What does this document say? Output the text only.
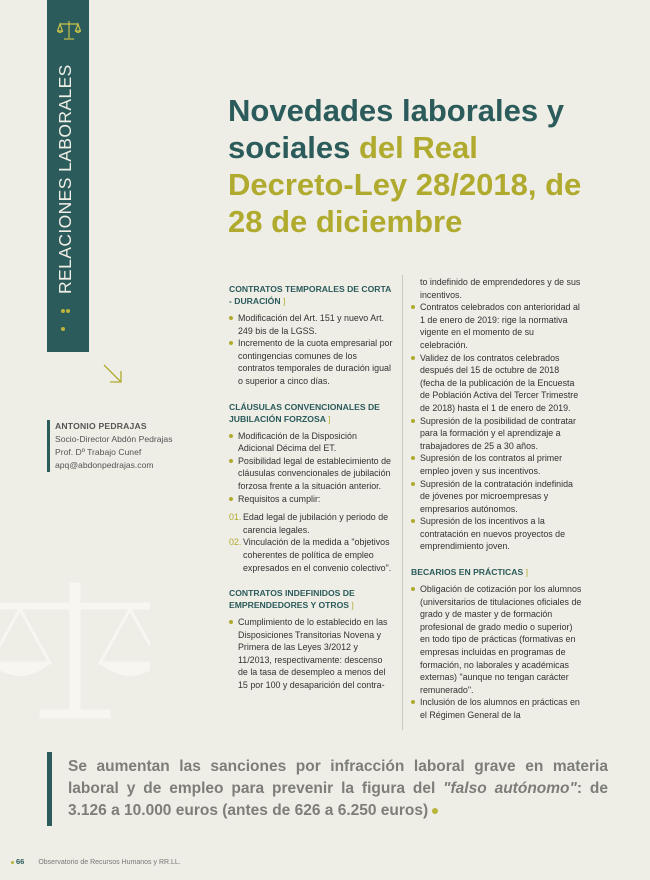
RELACIONES LABORALES
ANTONIO PEDRAJAS
Socio-Director Abdón Pedrajas
Prof. Dº Trabajo Cunef
apq@abdonpedrajas.com
Novedades laborales y sociales del Real Decreto-Ley 28/2018, de 28 de diciembre
CONTRATOS TEMPORALES DE CORTA - DURACIÓN ]
Modificación del Art. 151 y nuevo Art. 249 bis de la LGSS.
Incremento de la cuota empresarial por contingencias comunes de los contratos temporales de duración igual o superior a cinco días.
CLÁUSULAS CONVENCIONALES DE JUBILACIÓN FORZOSA ]
Modificación de la Disposición Adicional Décima del ET.
Posibilidad legal de establecimiento de cláusulas convencionales de jubilación forzosa frente a la situación anterior.
Requisitos a cumplir:
01. Edad legal de jubilación y periodo de carencia legales.
02. Vinculación de la medida a "objetivos coherentes de política de empleo expresados en el convenio colectivo".
CONTRATOS INDEFINIDOS DE EMPRENDEDORES Y OTROS ]
Cumplimiento de lo establecido en las Disposiciones Transitorias Novena y Primera de las Leyes 3/2012 y 11/2013, respectivamente: descenso de la tasa de desempleo a menos del 15 por 100 y desaparición del contra-
to indefinido de emprendedores y de sus incentivos.
Contratos celebrados con anterioridad al 1 de enero de 2019: rige la normativa vigente en el momento de su celebración.
Validez de los contratos celebrados después del 15 de octubre de 2018 (fecha de la publicación de la Encuesta de Población Activa del Tercer Trimestre de 2018) hasta el 1 de enero de 2019.
Supresión de la posibilidad de contratar para la formación y el aprendizaje a trabajadores de 25 a 30 años.
Supresión de los contratos al primer empleo joven y sus incentivos.
Supresión de la contratación indefinida de jóvenes por microempresas y empresarios autónomos.
Supresión de los incentivos a la contratación en nuevos proyectos de emprendimiento joven.
BECARIOS EN PRÁCTICAS ]
Obligación de cotización por los alumnos (universitarios de titulaciones oficiales de grado y de master y de formación profesional de grado medio o superior) en todo tipo de prácticas (formativas en empresas incluidas en programas de formación, no laborales y académicas externas) "aunque no tengan carácter remunerado".
Inclusión de los alumnos en prácticas en el Régimen General de la
Se aumentan las sanciones por infracción laboral grave en materia laboral y de empleo para prevenir la figura del "falso autónomo": de 3.126 a 10.000 euros (antes de 626 a 6.250 euros)
66 Observatorio de Recursos Humanos y RR.LL.
